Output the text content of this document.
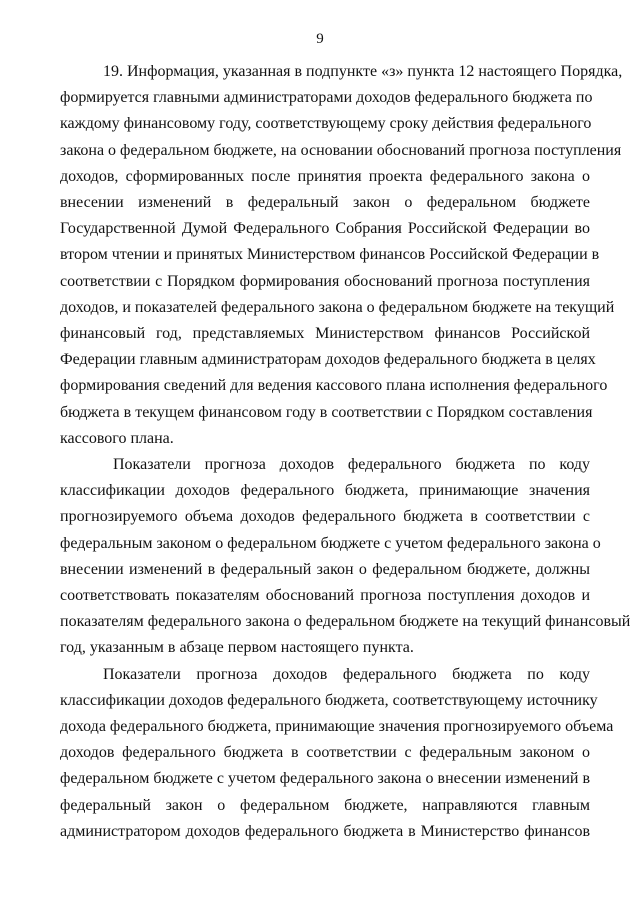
9

19. Информация, указанная в подпункте «з» пункта 12 настоящего Порядка,
формируется главными администраторами доходов федерального бюджета по
каждому финансовому году, соответствующему сроку действия федерального
закона о федеральном бюджете, на основании обоснований прогноза поступления
доходов, сформированных после принятия проекта федерального закона о
внесении изменений в федеральный закон о федеральном бюджете
Государственной Думой Федерального Собрания Российской Федерации во
втором чтении и принятых Министерством финансов Российской Федерации в
соответствии с Порядком формирования обоснований прогноза поступления
доходов, и показателей федерального закона о федеральном бюджете на текущий
финансовый год, представляемых Министерством финансов Российской
Федерации главным администраторам доходов федерального бюджета в целях
формирования сведений для ведения кассового плана исполнения федерального
бюджета в текущем финансовом году в соответствии с Порядком составления
кассового плана.

Показатели прогноза доходов федерального бюджета по коду
классификации доходов федерального бюджета, принимающие значения
прогнозируемого объема доходов федерального бюджета в соответствии с
федеральным законом о федеральном бюджете с учетом федерального закона о
внесении изменений в федеральный закон о федеральном бюджете, должны
соответствовать показателям обоснований прогноза поступления доходов и
показателям федерального закона о федеральном бюджете на текущий финансовый
год, указанным в абзаце первом настоящего пункта.

Показатели прогноза доходов федерального бюджета по коду
классификации доходов федерального бюджета, соответствующему источнику
дохода федерального бюджета, принимающие значения прогнозируемого объема
доходов федерального бюджета в соответствии с федеральным законом о
федеральном бюджете с учетом федерального закона о внесении изменений в
федеральный закон о федеральном бюджете, направляются главным
администратором доходов федерального бюджета в Министерство финансов
